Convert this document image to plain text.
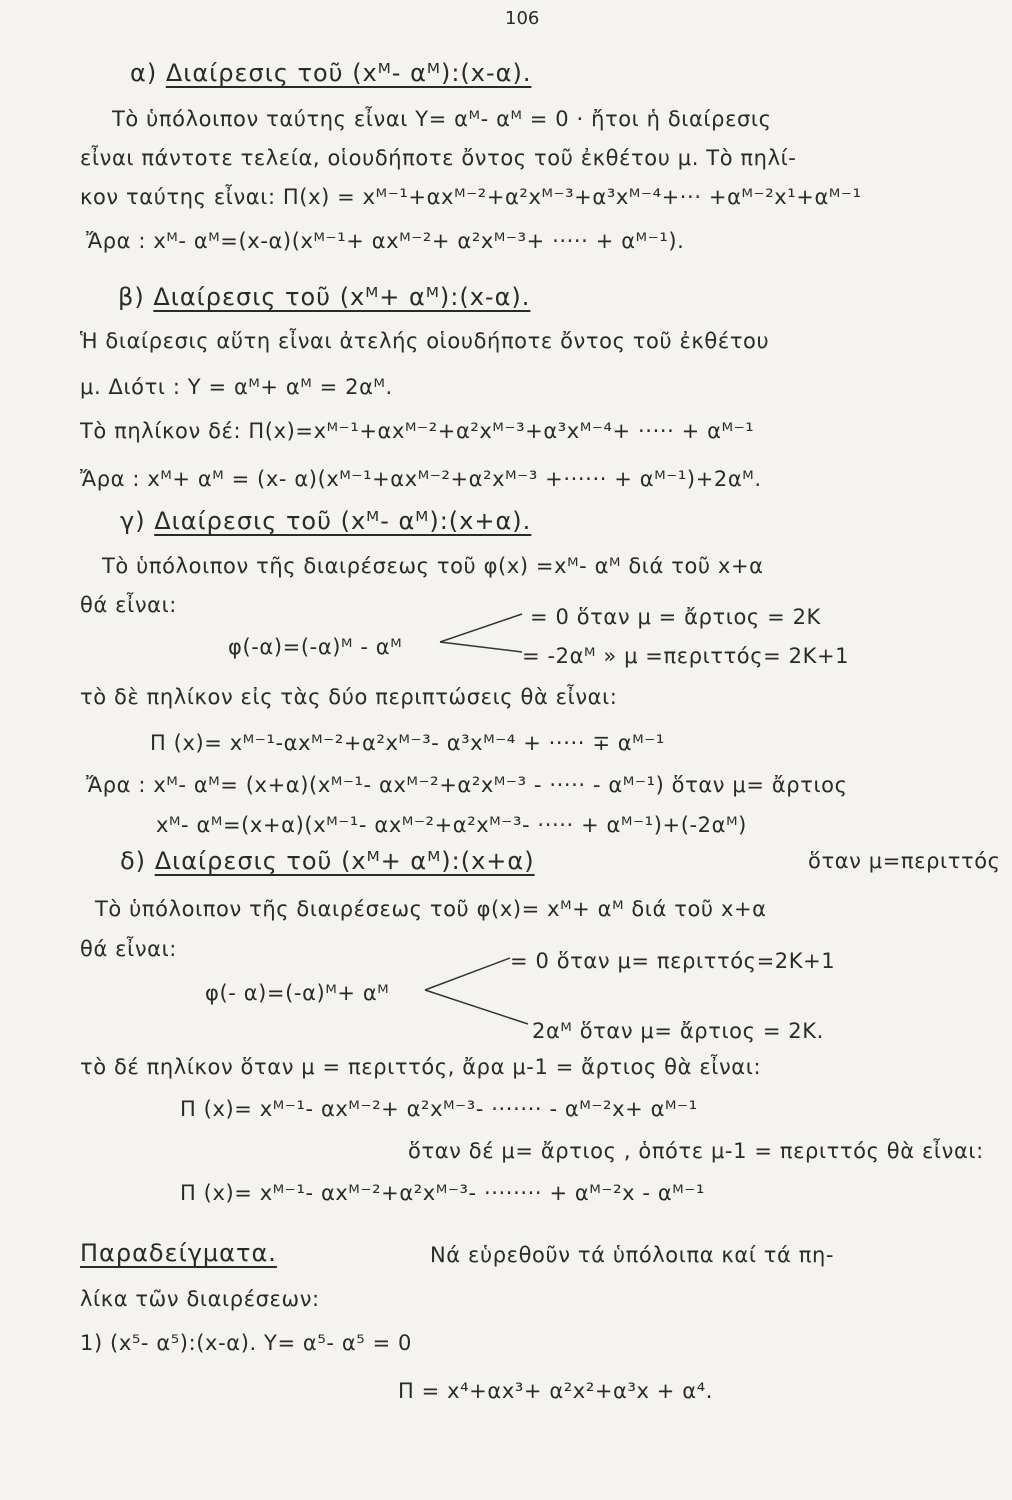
106
α) Διαίρεσις τοῦ (xᴹ- αᴹ):(x-α).
Τὸ ὑπόλοιπον ταύτης εἶναι Y= αᴹ- αᴹ = 0 · ἤτοι ἡ διαίρεσις
εἶναι πάντοτε τελεία, οἱουδήποτε ὄντος τοῦ ἐκθέτου μ. Τὸ πηλί-
κον ταύτης εἶναι: Π(x) = xᴹ⁻¹+αxᴹ⁻²+α²xᴹ⁻³+α³xᴹ⁻⁴+··· +αᴹ⁻²x¹+αᴹ⁻¹
Ἄρα : xᴹ- αᴹ=(x-α)(xᴹ⁻¹+ αxᴹ⁻²+ α²xᴹ⁻³+ ····· + αᴹ⁻¹).
β) Διαίρεσις τοῦ (xᴹ+ αᴹ):(x-α).
Ἡ διαίρεσις αὕτη εἶναι ἀτελής οἱουδήποτε ὄντος τοῦ ἐκθέτου
μ. Διότι : Y = αᴹ+ αᴹ = 2αᴹ.
Τὸ πηλίκον δέ: Π(x)=xᴹ⁻¹+αxᴹ⁻²+α²xᴹ⁻³+α³xᴹ⁻⁴+ ····· + αᴹ⁻¹
Ἄρα : xᴹ+ αᴹ = (x- α)(xᴹ⁻¹+αxᴹ⁻²+α²xᴹ⁻³ +······ + αᴹ⁻¹)+2αᴹ.
γ) Διαίρεσις τοῦ (xᴹ- αᴹ):(x+α).
Τὸ ὑπόλοιπον τῆς διαιρέσεως τοῦ φ(x) =xᴹ- αᴹ διά τοῦ x+α
θά εἶναι:	= 0 ὅταν μ = ἄρτιος = 2K
φ(-α)=(-α)ᴹ - αᴹ	= -2αᴹ » μ =περιττός= 2K+1
τὸ δὲ πηλίκον εἰς τὰς δύο περιπτώσεις θὰ εἶναι:
Π (x)= xᴹ⁻¹-αxᴹ⁻²+α²xᴹ⁻³- α³xᴹ⁻⁴ + ····· ∓ αᴹ⁻¹
Ἄρα : xᴹ- αᴹ= (x+α)(xᴹ⁻¹- αxᴹ⁻²+α²xᴹ⁻³ - ····· - αᴹ⁻¹) ὅταν μ= ἄρτιος
xᴹ- αᴹ=(x+α)(xᴹ⁻¹- αxᴹ⁻²+α²xᴹ⁻³- ····· + αᴹ⁻¹)+(-2αᴹ)
δ) Διαίρεσις τοῦ (xᴹ+ αᴹ):(x+α)	ὅταν μ=περιττός
Τὸ ὑπόλοιπον τῆς διαιρέσεως τοῦ φ(x)= xᴹ+ αᴹ διά τοῦ x+α
θά εἶναι:	= 0 ὅταν μ= περιττός=2K+1
φ(- α)=(-α)ᴹ+ αᴹ
2αᴹ ὅταν μ= ἄρτιος = 2K.
τὸ δέ πηλίκον ὅταν μ = περιττός, ἄρα μ-1 = ἄρτιος θὰ εἶναι:
Π (x)= xᴹ⁻¹- αxᴹ⁻²+ α²xᴹ⁻³- ······· - αᴹ⁻²x+ αᴹ⁻¹
ὅταν δέ μ= ἄρτιος , ὁπότε μ-1 = περιττός θὰ εἶναι:
Π (x)= xᴹ⁻¹- αxᴹ⁻²+α²xᴹ⁻³- ········ + αᴹ⁻²x - αᴹ⁻¹
Παραδείγματα.	Νά εὑρεθοῦν τά ὑπόλοιπα καί τά πη-
λίκα τῶν διαιρέσεων:
1) (x⁵- α⁵):(x-α). Y= α⁵- α⁵ = 0
Π = x⁴+αx³+ α²x²+α³x + α⁴.
